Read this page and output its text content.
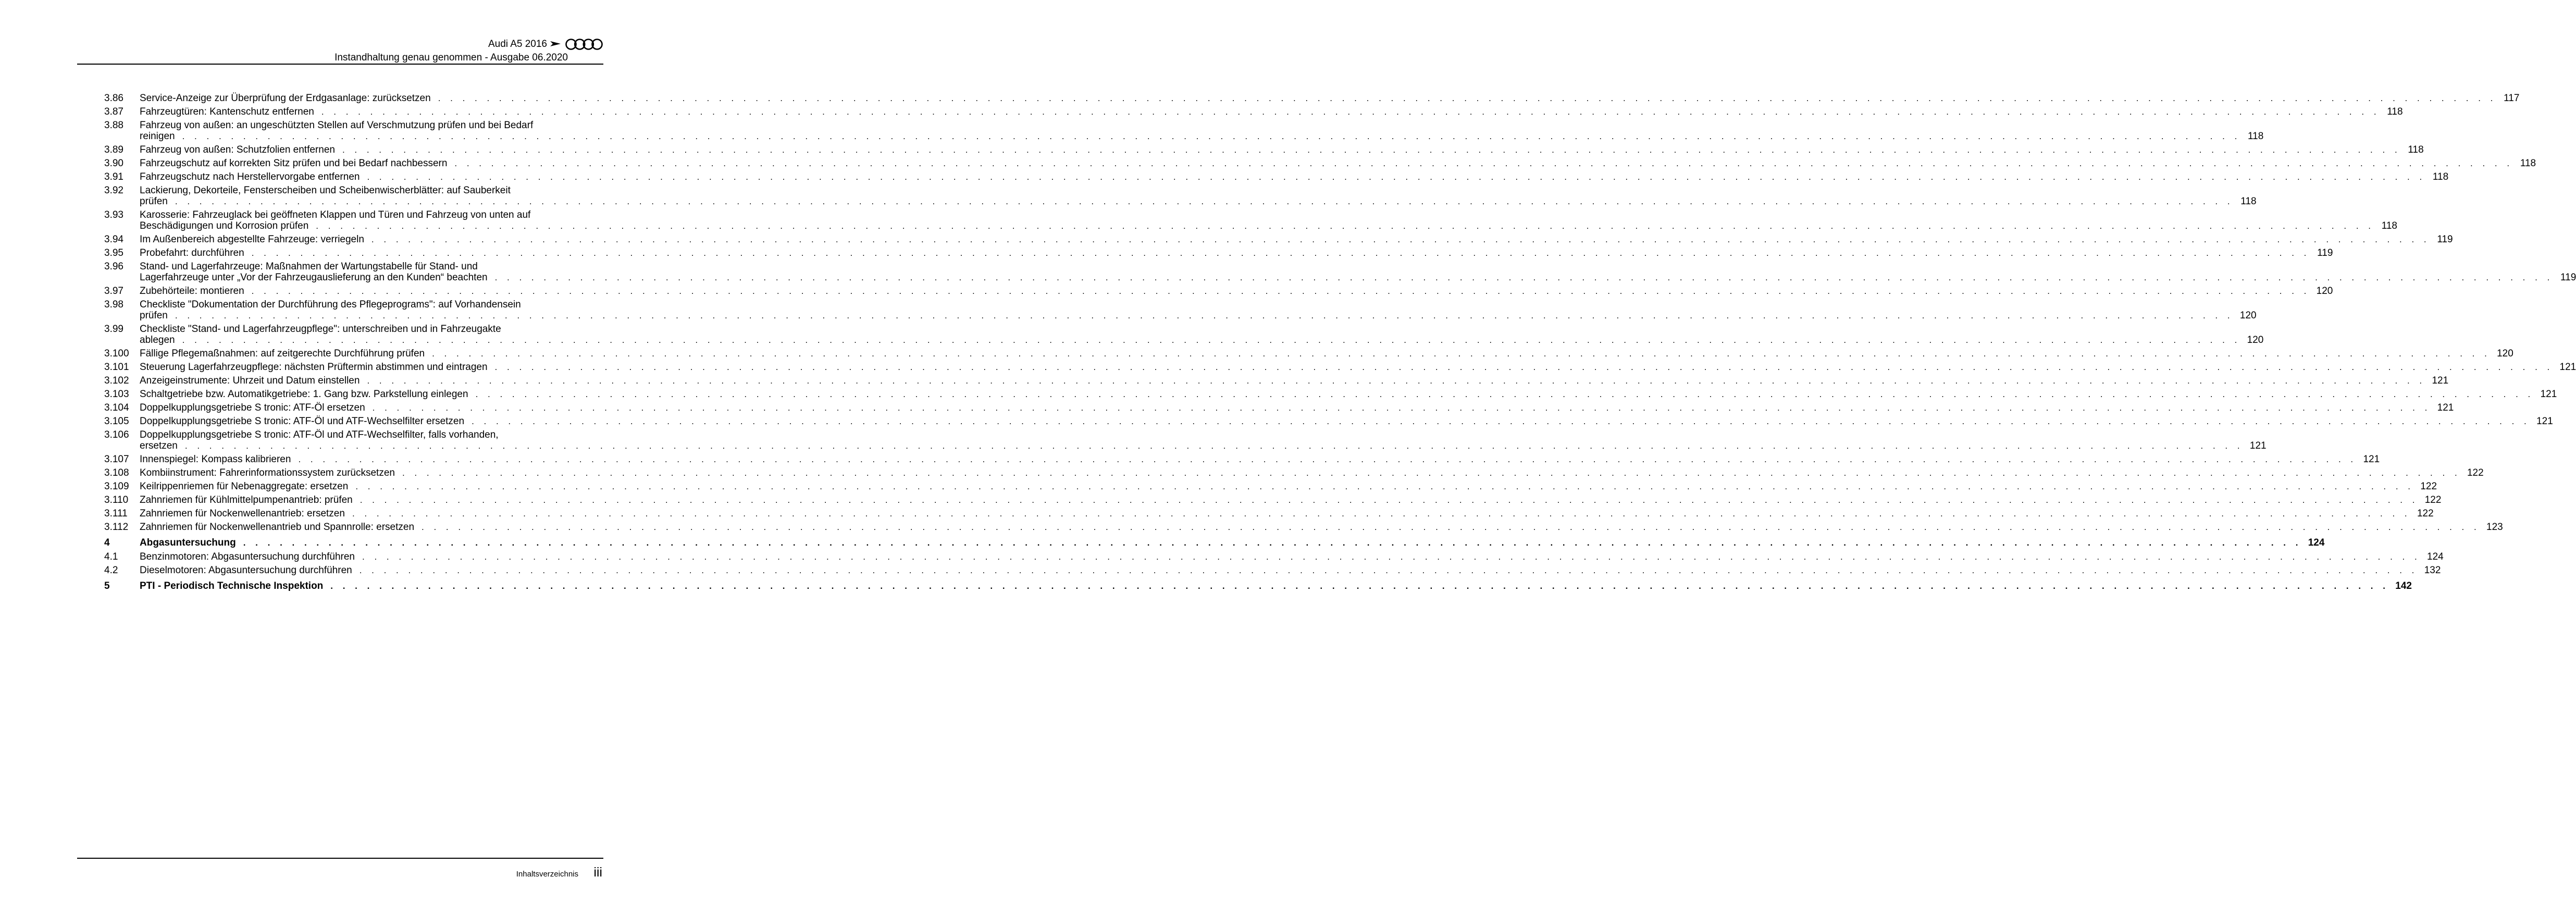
Audi A5 2016
Instandhaltung genau genommen - Ausgabe 06.2020
3.86	Service-Anzeige zur Überprüfung der Erdgasanlage: zurücksetzen . . .	117
3.87	Fahrzeugtüren: Kantenschutz entfernen . . .	118
3.88	Fahrzeug von außen: an ungeschützten Stellen auf Verschmutzung prüfen und bei Bedarf
reinigen . . .	118
3.89	Fahrzeug von außen: Schutzfolien entfernen . . .	118
3.90	Fahrzeugschutz auf korrekten Sitz prüfen und bei Bedarf nachbessern . . .	118
3.91	Fahrzeugschutz nach Herstellervorgabe entfernen . . .	118
3.92	Lackierung, Dekorteile, Fensterscheiben und Scheibenwischerblätter: auf Sauberkeit
prüfen . . .	118
3.93	Karosserie: Fahrzeuglack bei geöffneten Klappen und Türen und Fahrzeug von unten auf
Beschädigungen und Korrosion prüfen . . .	118
3.94	Im Außenbereich abgestellte Fahrzeuge: verriegeln . . .	119
3.95	Probefahrt: durchführen . . .	119
3.96	Stand- und Lagerfahrzeuge: Maßnahmen der Wartungstabelle für Stand- und
Lagerfahrzeuge unter „Vor der Fahrzeugauslieferung an den Kunden“ beachten . . .	119
3.97	Zubehörteile: montieren . . .	120
3.98	Checkliste "Dokumentation der Durchführung des Pflegeprograms": auf Vorhandensein
prüfen . . .	120
3.99	Checkliste "Stand- und Lagerfahrzeugpflege": unterschreiben und in Fahrzeugakte
ablegen . . .	120
3.100	Fällige Pflegemaßnahmen: auf zeitgerechte Durchführung prüfen . . .	120
3.101	Steuerung Lagerfahrzeugpflege: nächsten Prüftermin abstimmen und eintragen . . .	121
3.102	Anzeigeinstrumente: Uhrzeit und Datum einstellen . . .	121
3.103	Schaltgetriebe bzw. Automatikgetriebe: 1. Gang bzw. Parkstellung einlegen . . .	121
3.104	Doppelkupplungsgetriebe S tronic: ATF-Öl ersetzen . . .	121
3.105	Doppelkupplungsgetriebe S tronic: ATF-Öl und ATF-Wechselfilter ersetzen . . .	121
3.106	Doppelkupplungsgetriebe S tronic: ATF-Öl und ATF-Wechselfilter, falls vorhanden,
ersetzen . . .	121
3.107	Innenspiegel: Kompass kalibrieren . . .	121
3.108	Kombiinstrument: Fahrerinformationssystem zurücksetzen . . .	122
3.109	Keilrippenriemen für Nebenaggregate: ersetzen . . .	122
3.110	Zahnriemen für Kühlmittelpumpenantrieb: prüfen . . .	122
3.111	Zahnriemen für Nockenwellenantrieb: ersetzen . . .	122
3.112	Zahnriemen für Nockenwellenantrieb und Spannrolle: ersetzen . . .	123
4	Abgasuntersuchung . . .	124
4.1	Benzinmotoren: Abgasuntersuchung durchführen . . .	124
4.2	Dieselmotoren: Abgasuntersuchung durchführen . . .	132
5	PTI - Periodisch Technische Inspektion . . .	142
Inhaltsverzeichnis iii
